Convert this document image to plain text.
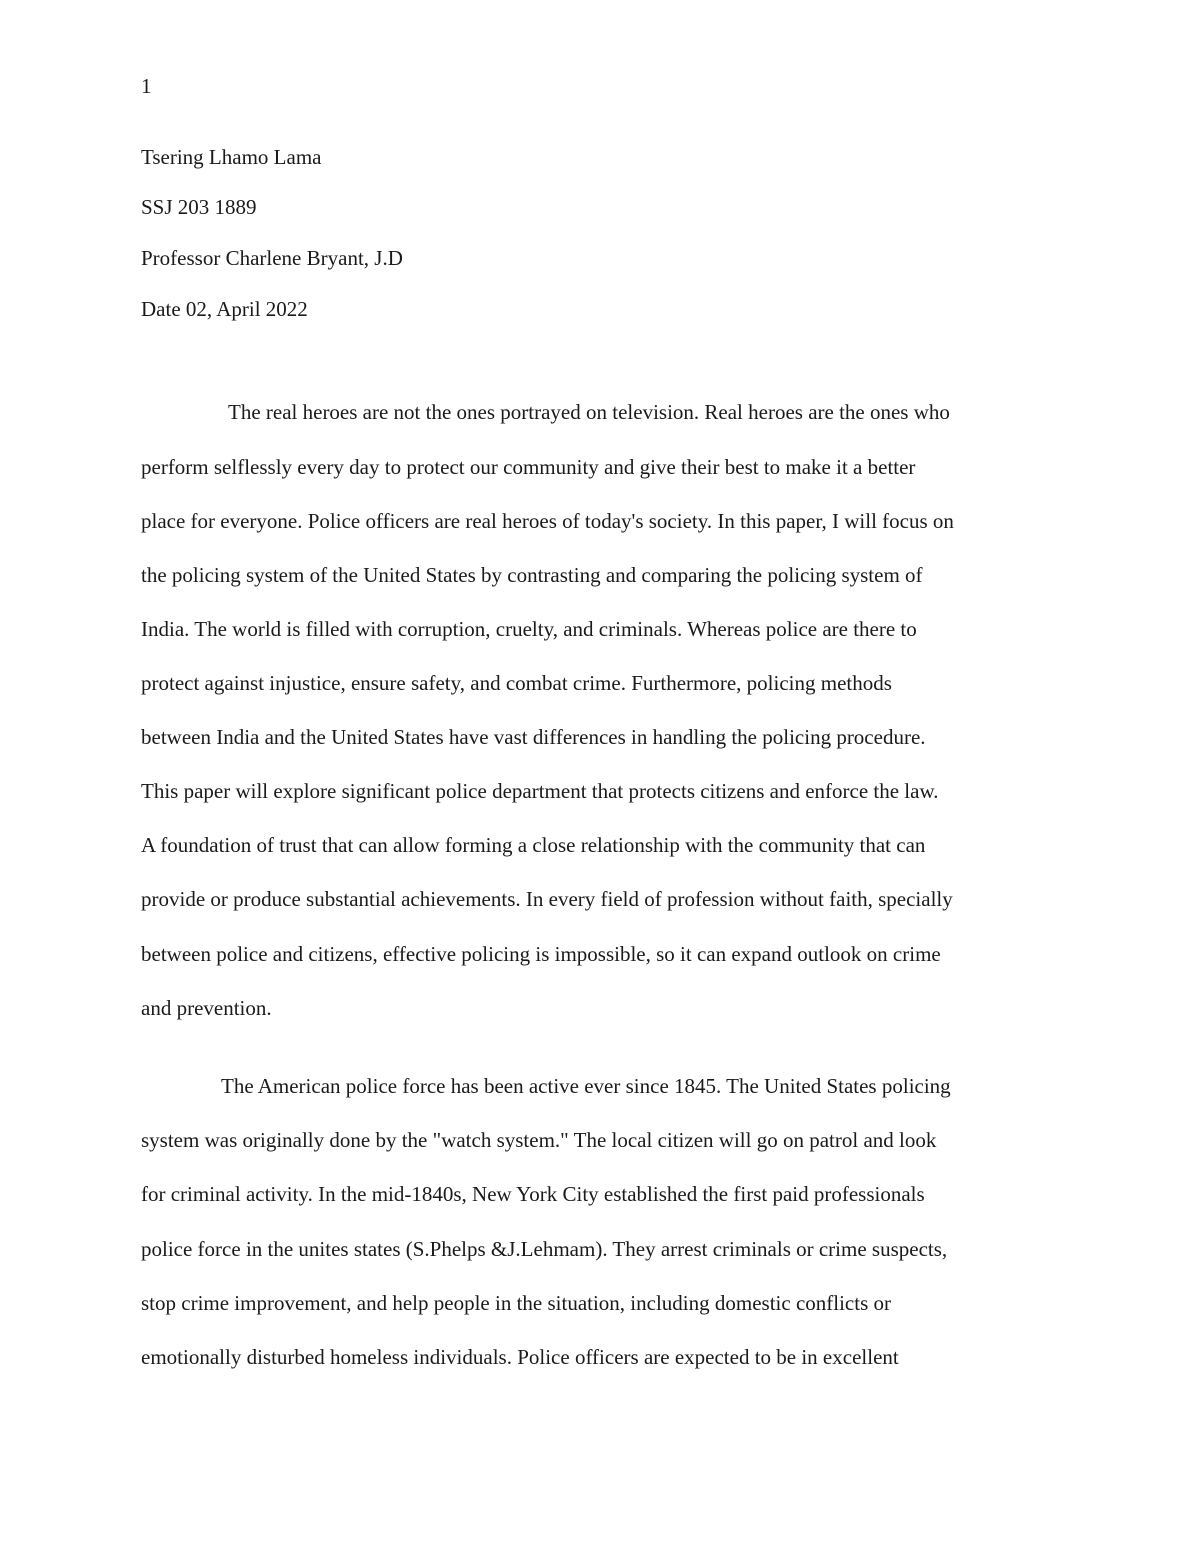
1
Tsering Lhamo Lama
SSJ 203 1889
Professor Charlene Bryant, J.D
Date 02, April 2022
The real heroes are not the ones portrayed on television. Real heroes are the ones who
perform selflessly every day to protect our community and give their best to make it a better
place for everyone. Police officers are real heroes of today's society. In this paper, I will focus on
the policing system of the United States by contrasting and comparing the policing system of
India. The world is filled with corruption, cruelty, and criminals. Whereas police are there to
protect against injustice, ensure safety, and combat crime. Furthermore, policing methods
between India and the United States have vast differences in handling the policing procedure.
This paper will explore significant police department that protects citizens and enforce the law.
A foundation of trust that can allow forming a close relationship with the community that can
provide or produce substantial achievements. In every field of profession without faith, specially
between police and citizens, effective policing is impossible, so it can expand outlook on crime
and prevention.
The American police force has been active ever since 1845. The United States policing
system was originally done by the "watch system." The local citizen will go on patrol and look
for criminal activity. In the mid-1840s, New York City established the first paid professionals
police force in the unites states (S.Phelps &J.Lehmam). They arrest criminals or crime suspects,
stop crime improvement, and help people in the situation, including domestic conflicts or
emotionally disturbed homeless individuals. Police officers are expected to be in excellent
